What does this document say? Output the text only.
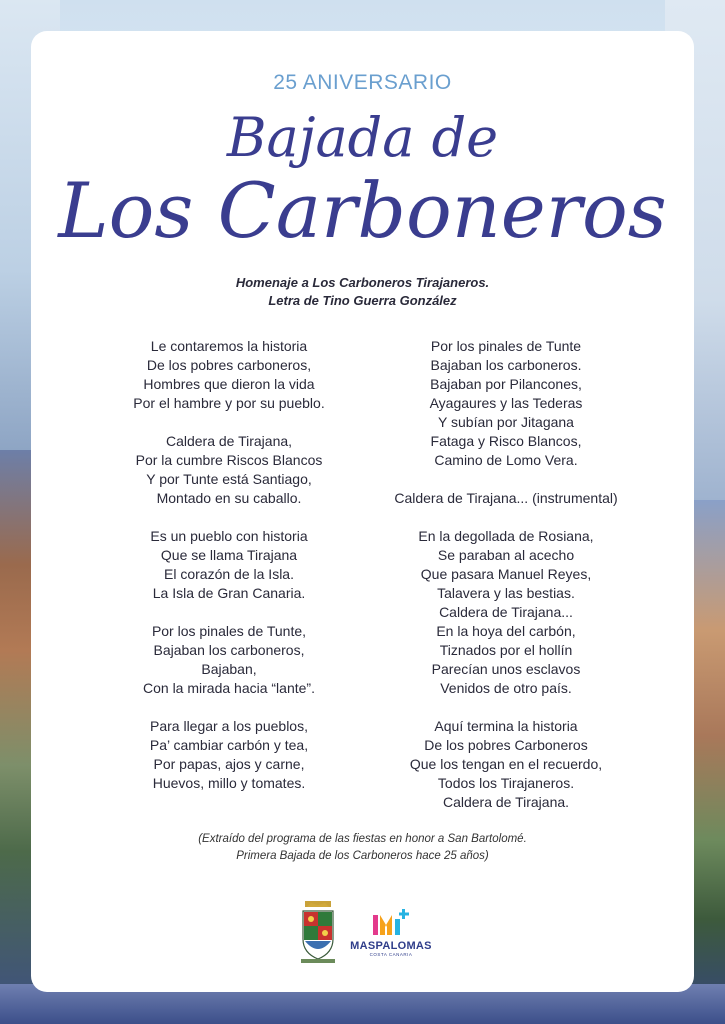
25 ANIVERSARIO
Bajada de
Los Carboneros
Homenaje a Los Carboneros Tirajaneros.
Letra de Tino Guerra González
Le contaremos la historia
De los pobres carboneros,
Hombres que dieron la vida
Por el hambre y por su pueblo.
Caldera de Tirajana,
Por la cumbre Riscos Blancos
Y por Tunte está Santiago,
Montado en su caballo.
Es un pueblo con historia
Que se llama Tirajana
El corazón de la Isla.
La Isla de Gran Canaria.
Por los pinales de Tunte,
Bajaban los carboneros,
Bajaban,
Con la mirada hacia “lante”.
Para llegar a los pueblos,
Pa’ cambiar carbón y tea,
Por papas, ajos y carne,
Huevos, millo y tomates.
Por los pinales de Tunte
Bajaban los carboneros.
Bajaban por Pilancones,
Ayagaures y las Tederas
Y subían por Jitagana
Fataga y Risco Blancos,
Camino de Lomo Vera.
Caldera de Tirajana... (instrumental)
En la degollada de Rosiana,
Se paraban al acecho
Que pasara Manuel Reyes,
Talavera y las bestias.
Caldera de Tirajana...
En la hoya del carbón,
Tiznados por el hollín
Parecían unos esclavos
Venidos de otro país.
Aquí termina la historia
De los pobres Carboneros
Que los tengan en el recuerdo,
Todos los Tirajaneros.
Caldera de Tirajana.
(Extraído del programa de las fiestas en honor a San Bartolomé.
Primera Bajada de los Carboneros hace 25 años)
MASPALOMAS
COSTA CANARIA
